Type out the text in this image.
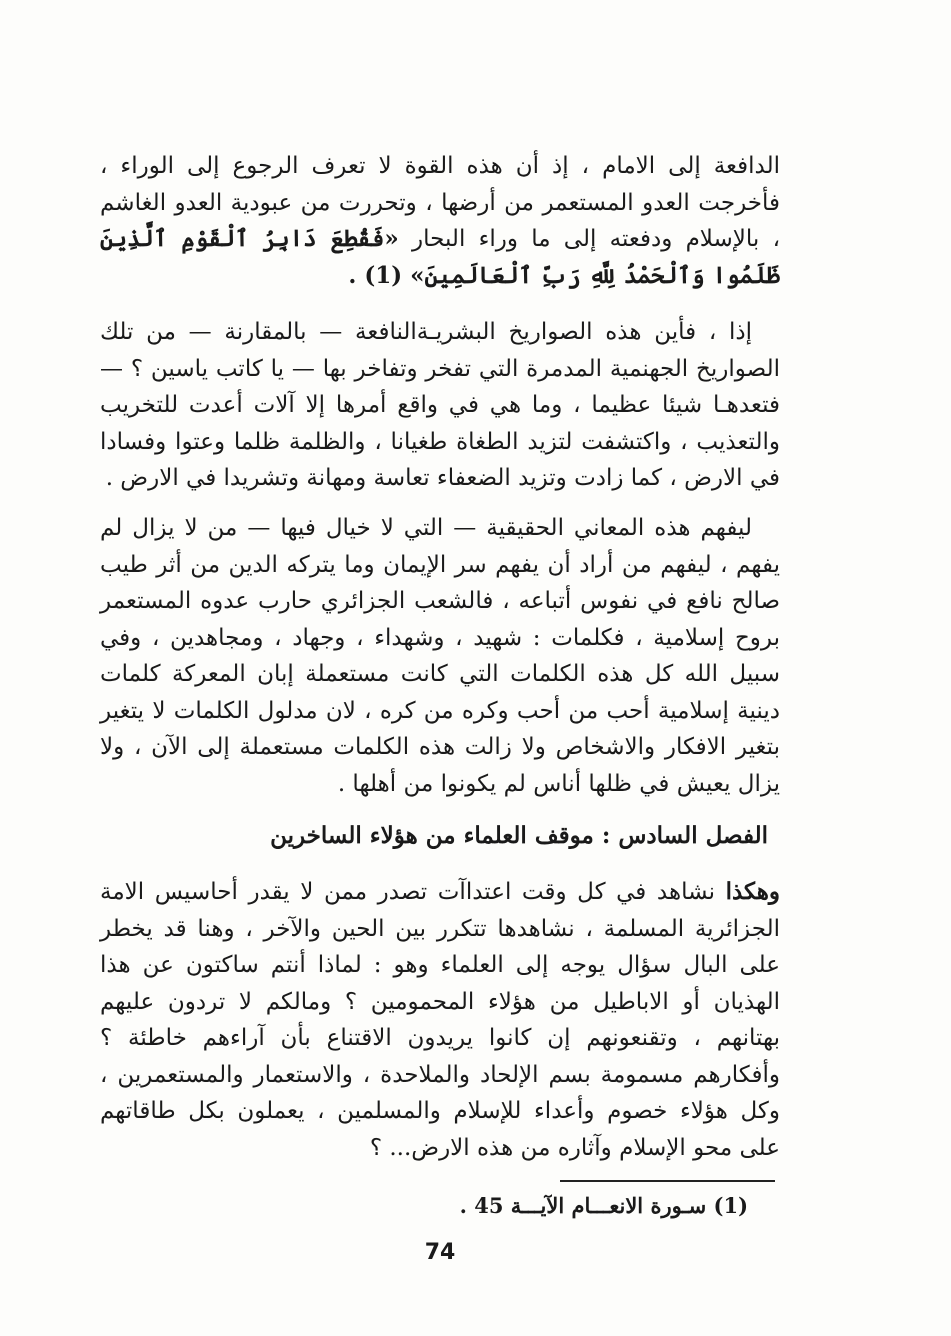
الدافعة إلى الامام ، إذ أن هذه القوة لا تعرف الرجوع إلى الوراء ، فأخرجت العدو المستعمر من أرضها ، وتحررت من عبودية العدو الغاشم ، بالإسلام ودفعته إلى ما وراء البحار «فَقُطِعَ دَابِرُ ٱلْقَوْمِ ٱلَّذِينَ ظَلَمُوا وَٱلْحَمْدُ لِلَّهِ رَبِّ ٱلْعَالَمِينَ» (1) .

إذا ، فأين هذه الصواريخ البشريـةالنافعة — بالمقارنة — من تلك الصواريخ الجهنمية المدمرة التي تفخر وتفاخر بها — يا كاتب ياسين ؟ — فتعدهـا شيئا عظيما ، وما هي في واقع أمرها إلا آلات أعدت للتخريب والتعذيب ، واكتشفت لتزيد الطغاة طغيانا ، والظلمة ظلما وعتوا وفسادا في الارض ، كما زادت وتزيد الضعفاء تعاسة ومهانة وتشريدا في الارض .

ليفهم هذه المعاني الحقيقية — التي لا خيال فيها — من لا يزال لم يفهم ، ليفهم من أراد أن يفهم سر الإيمان وما يتركه الدين من أثر طيب صالح نافع في نفوس أتباعه ، فالشعب الجزائري حارب عدوه المستعمر بروح إسلامية ، فكلمات : شهيد ، وشهداء ، وجهاد ، ومجاهدين ، وفي سبيل الله كل هذه الكلمات التي كانت مستعملة إبان المعركة كلمات دينية إسلامية أحب من أحب وكره من كره ، لان مدلول الكلمات لا يتغير بتغير الافكار والاشخاص ولا زالت هذه الكلمات مستعملة إلى الآن ، ولا يزال يعيش في ظلها أناس لم يكونوا من أهلها .

الفصل السادس : موقف العلماء من هؤلاء الساخرين

وهكذا نشاهد في كل وقت اعتداآت تصدر ممن لا يقدر أحاسيس الامة الجزائرية المسلمة ، نشاهدها تتكرر بين الحين والآخر ، وهنا قد يخطر على البال سؤال يوجه إلى العلماء وهو : لماذا أنتم ساكتون عن هذا الهذيان أو الاباطيل من هؤلاء المحمومين ؟ ومالكم لا تردون عليهم بهتانهم ، وتقنعونهم إن كانوا يريدون الاقتناع بأن آراءهم خاطئة ؟ وأفكارهم مسمومة بسم الإلحاد والملاحدة ، والاستعمار والمستعمرين ، وكل هؤلاء خصوم وأعداء للإسلام والمسلمين ، يعملون بكل طاقاتهم على محو الإسلام وآثاره من هذه الارض... ؟

(1) سـورة الانعـــام الآيـــة 45 .
74
